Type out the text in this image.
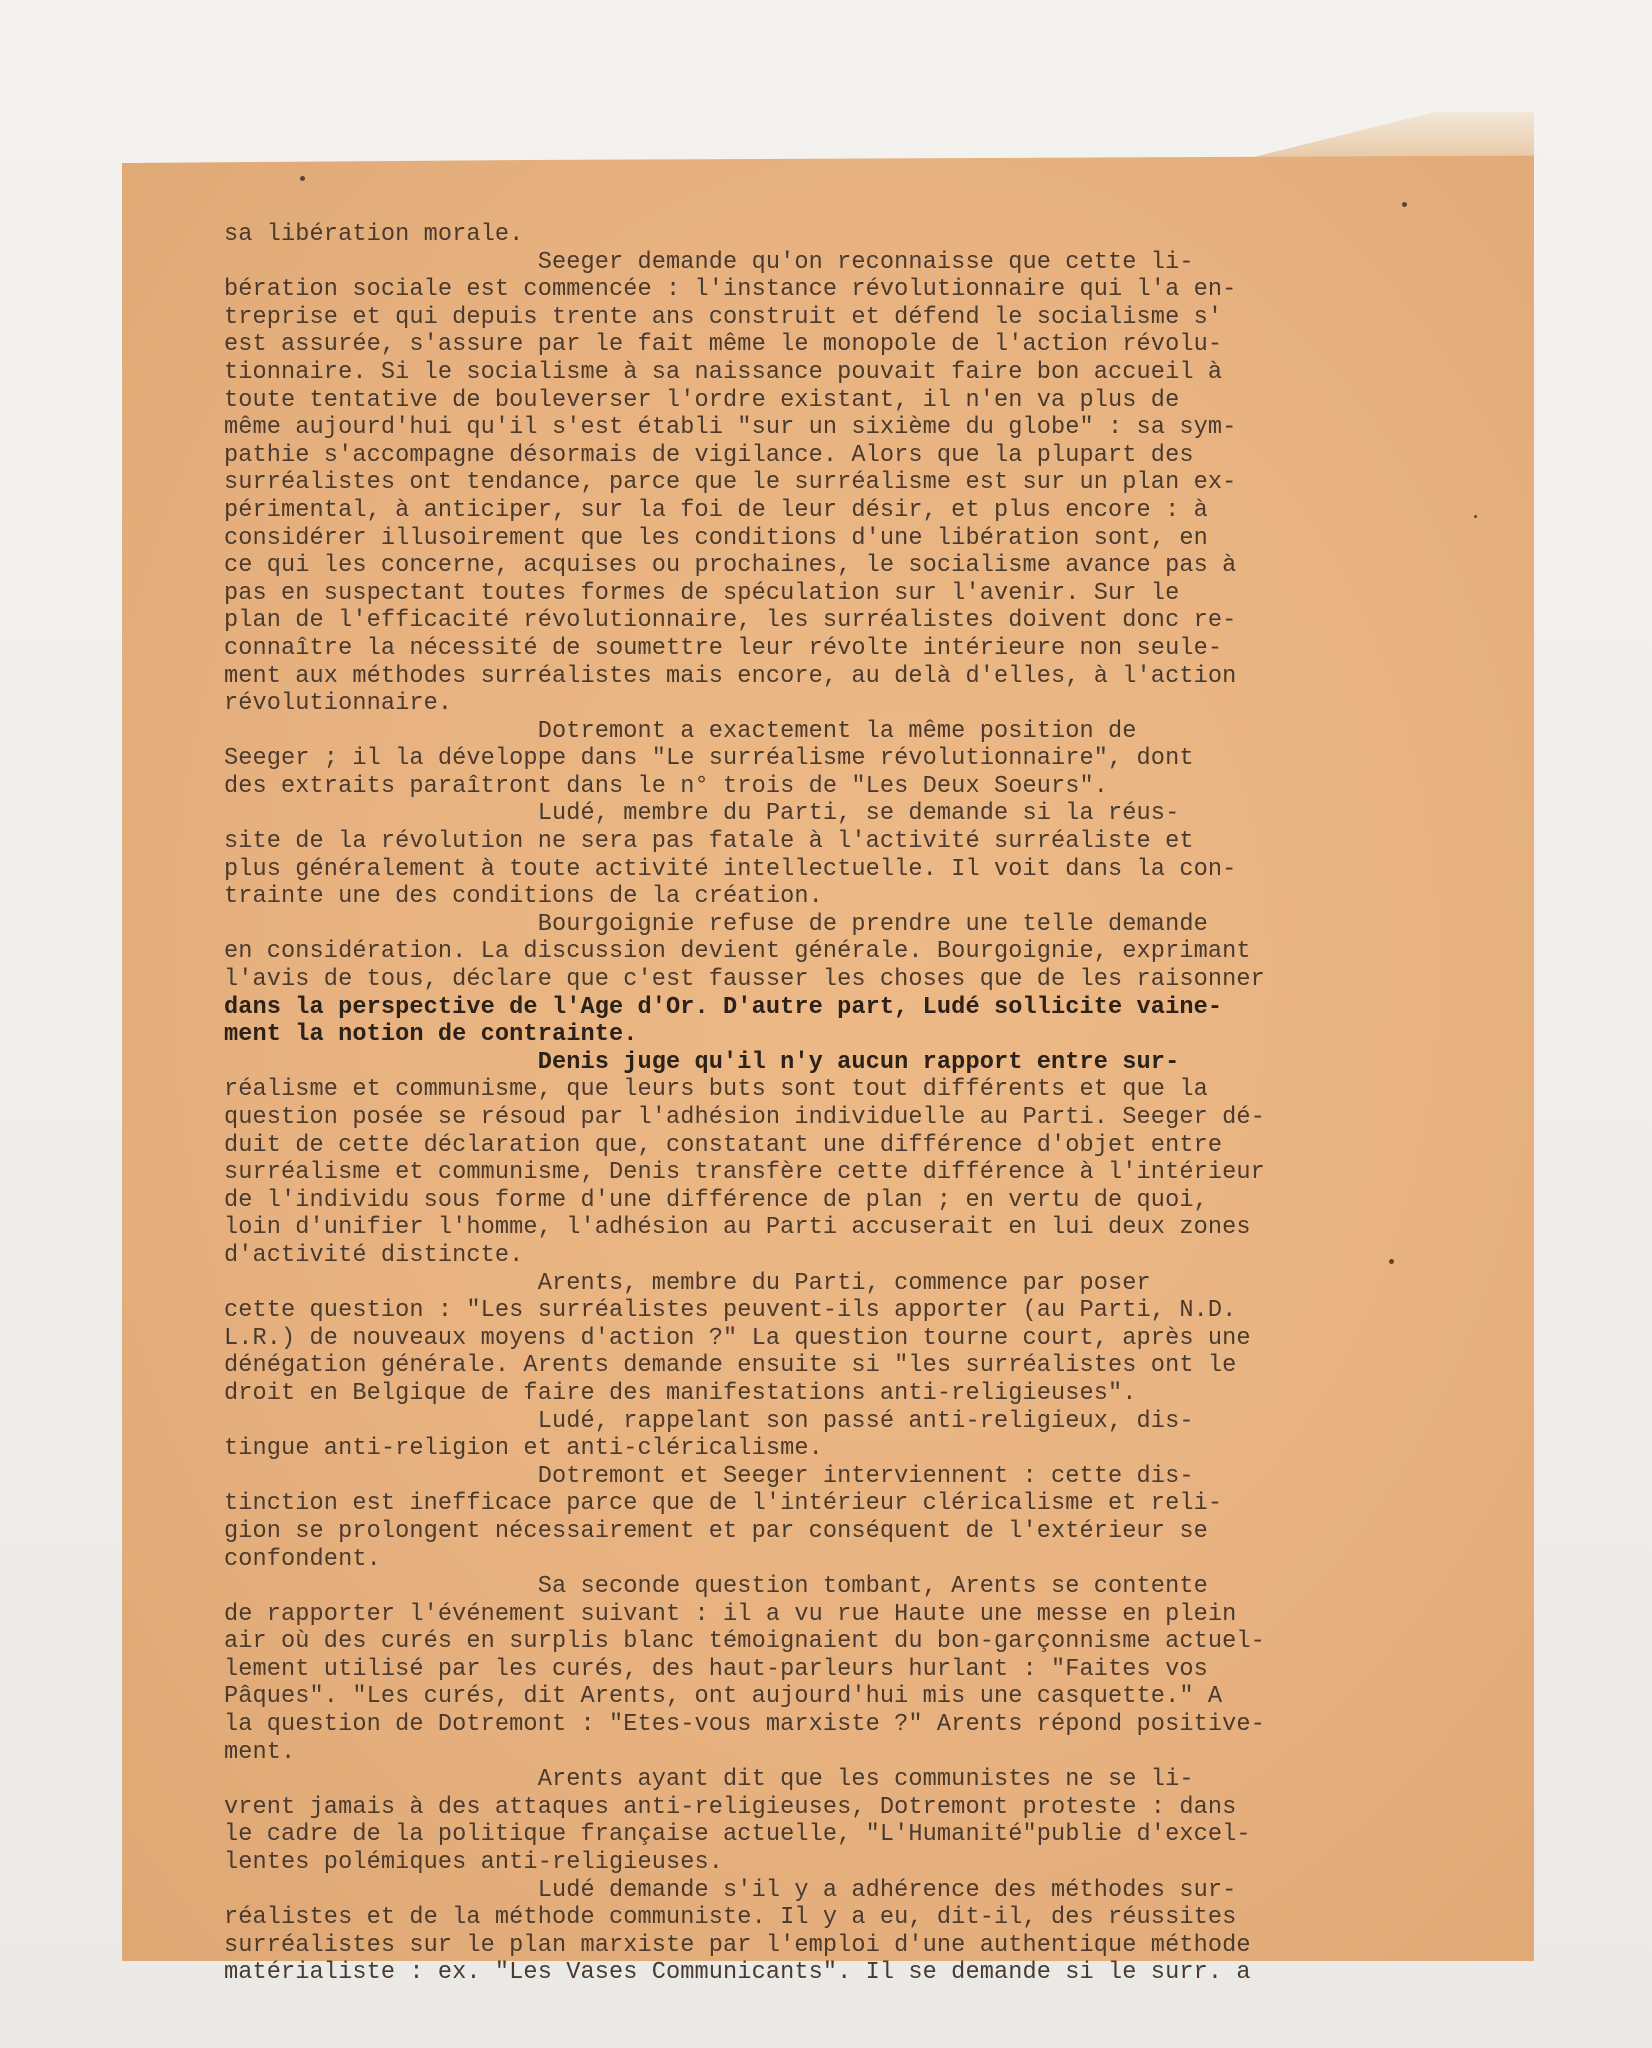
sa libération morale.
Seeger demande qu'on reconnaisse que cette li-
bération sociale est commencée : l'instance révolutionnaire qui l'a en-
treprise et qui depuis trente ans construit et défend le socialisme s'
est assurée, s'assure par le fait même le monopole de l'action révolu-
tionnaire. Si le socialisme à sa naissance pouvait faire bon accueil à
toute tentative de bouleverser l'ordre existant, il n'en va plus de
même aujourd'hui qu'il s'est établi "sur un sixième du globe" : sa sym-
pathie s'accompagne désormais de vigilance. Alors que la plupart des
surréalistes ont tendance, parce que le surréalisme est sur un plan ex-
périmental, à anticiper, sur la foi de leur désir, et plus encore : à
considérer illusoirement que les conditions d'une libération sont, en
ce qui les concerne, acquises ou prochaines, le socialisme avance pas à
pas en suspectant toutes formes de spéculation sur l'avenir. Sur le
plan de l'efficacité révolutionnaire, les surréalistes doivent donc re-
connaître la nécessité de soumettre leur révolte intérieure non seule-
ment aux méthodes surréalistes mais encore, au delà d'elles, à l'action
révolutionnaire.
Dotremont a exactement la même position de
Seeger ; il la développe dans "Le surréalisme révolutionnaire", dont
des extraits paraîtront dans le n° trois de "Les Deux Soeurs".
Ludé, membre du Parti, se demande si la réus-
site de la révolution ne sera pas fatale à l'activité surréaliste et
plus généralement à toute activité intellectuelle. Il voit dans la con-
trainte une des conditions de la création.
Bourgoignie refuse de prendre une telle demande
en considération. La discussion devient générale. Bourgoignie, exprimant
l'avis de tous, déclare que c'est fausser les choses que de les raisonner
dans la perspective de l'Age d'Or. D'autre part, Ludé sollicite vaine-
ment la notion de contrainte.
Denis juge qu'il n'y aucun rapport entre sur-
réalisme et communisme, que leurs buts sont tout différents et que la
question posée se résoud par l'adhésion individuelle au Parti. Seeger dé-
duit de cette déclaration que, constatant une différence d'objet entre
surréalisme et communisme, Denis transfère cette différence à l'intérieur
de l'individu sous forme d'une différence de plan ; en vertu de quoi,
loin d'unifier l'homme, l'adhésion au Parti accuserait en lui deux zones
d'activité distincte.
Arents, membre du Parti, commence par poser
cette question : "Les surréalistes peuvent-ils apporter (au Parti, N.D.
L.R.) de nouveaux moyens d'action ?" La question tourne court, après une
dénégation générale. Arents demande ensuite si "les surréalistes ont le
droit en Belgique de faire des manifestations anti-religieuses".
Ludé, rappelant son passé anti-religieux, dis-
tingue anti-religion et anti-cléricalisme.
Dotremont et Seeger interviennent : cette dis-
tinction est inefficace parce que de l'intérieur cléricalisme et reli-
gion se prolongent nécessairement et par conséquent de l'extérieur se
confondent.
Sa seconde question tombant, Arents se contente
de rapporter l'événement suivant : il a vu rue Haute une messe en plein
air où des curés en surplis blanc témoignaient du bon-garçonnisme actuel-
lement utilisé par les curés, des haut-parleurs hurlant : "Faites vos
Pâques". "Les curés, dit Arents, ont aujourd'hui mis une casquette." A
la question de Dotremont : "Etes-vous marxiste ?" Arents répond positive-
ment.
Arents ayant dit que les communistes ne se li-
vrent jamais à des attaques anti-religieuses, Dotremont proteste : dans
le cadre de la politique française actuelle, "L'Humanité"publie d'excel-
lentes polémiques anti-religieuses.
Ludé demande s'il y a adhérence des méthodes sur-
réalistes et de la méthode communiste. Il y a eu, dit-il, des réussites
surréalistes sur le plan marxiste par l'emploi d'une authentique méthode
matérialiste : ex. "Les Vases Communicants". Il se demande si le surr. a
